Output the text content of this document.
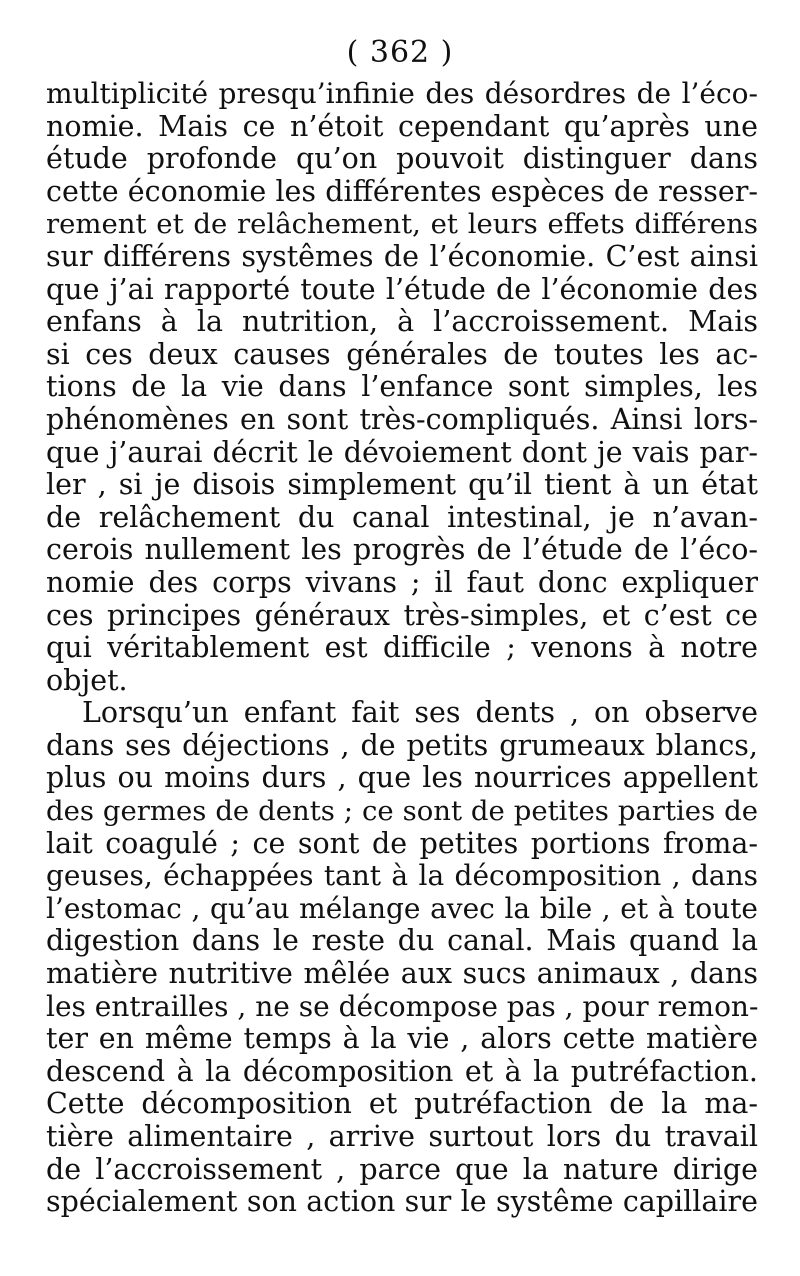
( 362 )
multiplicité presqu’infinie des désordres de l’éco-
nomie. Mais ce n’étoit cependant qu’après une
étude profonde qu’on pouvoit distinguer dans
cette économie les différentes espèces de resser-
rement et de relâchement, et leurs effets différens
sur différens systêmes de l’économie. C’est ainsi
que j’ai rapporté toute l’étude de l’économie des
enfans à la nutrition, à l’accroissement. Mais
si ces deux causes générales de toutes les ac-
tions de la vie dans l’enfance sont simples, les
phénomènes en sont très-compliqués. Ainsi lors-
que j’aurai décrit le dévoiement dont je vais par-
ler , si je disois simplement qu’il tient à un état
de relâchement du canal intestinal, je n’avan-
cerois nullement les progrès de l’étude de l’éco-
nomie des corps vivans ; il faut donc expliquer
ces principes généraux très-simples, et c’est ce
qui véritablement est difficile ; venons à notre
objet.
Lorsqu’un enfant fait ses dents , on observe
dans ses déjections , de petits grumeaux blancs,
plus ou moins durs , que les nourrices appellent
des germes de dents ; ce sont de petites parties de
lait coagulé ; ce sont de petites portions froma-
geuses, échappées tant à la décomposition , dans
l’estomac , qu’au mélange avec la bile , et à toute
digestion dans le reste du canal. Mais quand la
matière nutritive mêlée aux sucs animaux , dans
les entrailles , ne se décompose pas , pour remon-
ter en même temps à la vie , alors cette matière
descend à la décomposition et à la putréfaction.
Cette décomposition et putréfaction de la ma-
tière alimentaire , arrive surtout lors du travail
de l’accroissement , parce que la nature dirige
spécialement son action sur le systême capillaire
